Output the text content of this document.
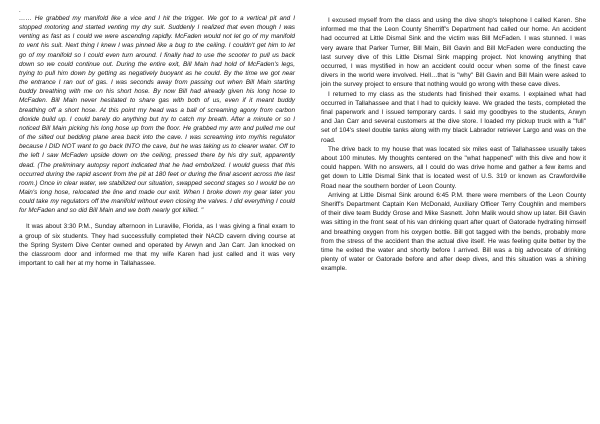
.

…… He grabbed my manifold like a vice and I hit the trigger. We got to a vertical pit and I stopped motoring and started venting my dry suit. Suddenly I realized that even though I was venting as fast as I could we were ascending rapidly. McFaden would not let go of my manifold to vent his suit. Next thing I knew I was pinned like a bug to the ceiling. I couldn't get him to let go of my manifold so I could even turn around. I finally had to use the scooter to pull us back down so we could continue out. During the entire exit, Bill Main had hold of McFaden's legs, trying to pull him down by getting as negatively buoyant as he could. By the time we got near the entrance I ran out of gas. I was seconds away from passing out when Bill Main starting buddy breathing with me on his short hose. By now Bill had already given his long hose to McFaden. Bill Main never hesitated to share gas with both of us, even if it meant buddy breathing off a short hose. At this point my head was a ball of screaming agony from carbon dioxide build up. I could barely do anything but try to catch my breath. After a minute or so I noticed Bill Main picking his long hose up from the floor. He grabbed my arm and pulled me out of the silted out bedding plane area back into the cave. I was screaming into my/his regulator because I DID NOT want to go back INTO the cave, but he was taking us to clearer water. Off to the left I saw McFaden upside down on the ceiling, pressed there by his dry suit, apparently dead. (The preliminary autopsy report indicated that he had embolized. I would guess that this occurred during the rapid ascent from the pit at 180 feet or during the final ascent across the last room.) Once in clear water, we stabilized our situation, swapped second stages so I would be on Main's long hose, relocated the line and made our exit. When I broke down my gear later you could take my regulators off the manifold without even closing the valves. I did everything I could for McFaden and so did Bill Main and we both nearly got killed. "

It was about 3:30 P.M., Sunday afternoon in Luraville, Florida, as I was giving a final exam to a group of six students. They had successfully completed their NACD cavern diving course at the Spring System Dive Center owned and operated by Arwyn and Jan Carr. Jan knocked on the classroom door and informed me that my wife Karen had just called and it was very important to call her at my home in Tallahassee.

I excused myself from the class and using the dive shop's telephone I called Karen. She informed me that the Leon County Sherriff's Department had called our home. An accident had occurred at Little Dismal Sink and the victim was Bill McFaden. I was stunned. I was very aware that Parker Turner, Bill Main, Bill Gavin and Bill McFaden were conducting the last survey dive of this Little Dismal Sink mapping project. Not knowing anything that occurred, I was mystified in how an accident could occur when some of the finest cave divers in the world were involved. Hell…that is "why" Bill Gavin and Bill Main were asked to join the survey project to ensure that nothing would go wrong with these cave dives.

I returned to my class as the students had finished their exams. I explained what had occurred in Tallahassee and that I had to quickly leave. We graded the tests, completed the final paperwork and I issued temporary cards. I said my goodbyes to the students, Arwyn and Jan Carr and several customers at the dive store. I loaded my pickup truck with a "full" set of 104's steel double tanks along with my black Labrador retriever Largo and was on the road.

The drive back to my house that was located six miles east of Tallahassee usually takes about 100 minutes. My thoughts centered on the "what happened" with this dive and how it could happen. With no answers, all I could do was drive home and gather a few items and get down to Little Dismal Sink that is located west of U.S. 319 or known as Crawfordville Road near the southern border of Leon County.

Arriving at Little Dismal Sink around 6:45 P.M. there were members of the Leon County Sheriff's Department Captain Ken McDonald, Auxiliary Officer Terry Coughlin and members of their dive team Buddy Grose and Mike Sasnett. John Malik would show up later. Bill Gavin was sitting in the front seat of his van drinking quart after quart of Gatorade hydrating himself and breathing oxygen from his oxygen bottle. Bill got tagged with the bends, probably more from the stress of the accident than the actual dive itself. He was feeling quite better by the time he exited the water and shortly before I arrived. Bill was a big advocate of drinking plenty of water or Gatorade before and after deep dives, and this situation was a shining example.
